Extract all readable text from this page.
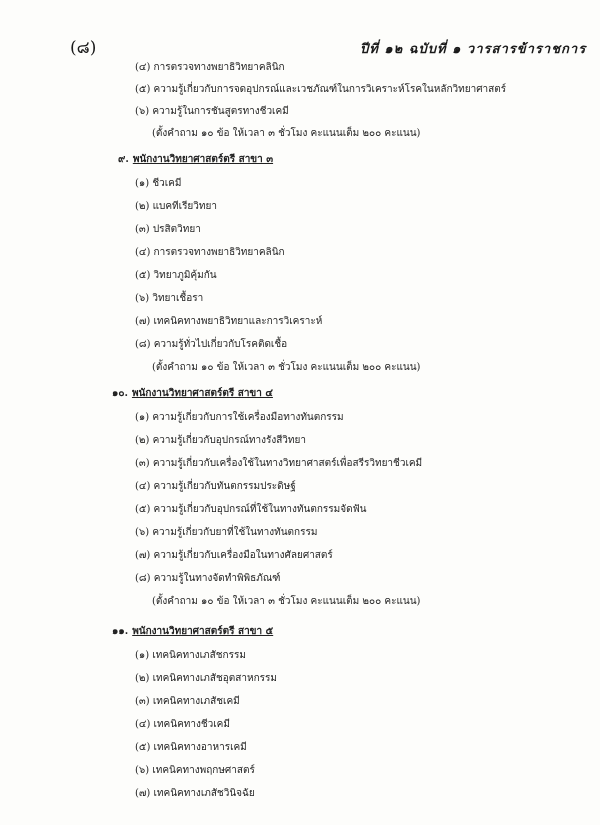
(๘)	ปีที่ ๑๒ ฉบับที่ ๑ วารสารข้าราชการ
(๔) การตรวจทางพยาธิวิทยาคลินิก
(๕) ความรู้เกี่ยวกับการจดอุปกรณ์และเวชภัณฑ์ในการวิเคราะห์โรคในหลักวิทยาศาสตร์
(๖) ความรู้ในการชันสูตรทางชีวเคมี
(ตั้งคำถาม ๑๐ ข้อ ให้เวลา ๓ ชั่วโมง คะแนนเต็ม ๒๐๐ คะแนน)
๙. พนักงานวิทยาศาสตร์ตรี สาขา ๓
(๑) ชีวเคมี
(๒) แบคทีเรียวิทยา
(๓) ปรสิตวิทยา
(๔) การตรวจทางพยาธิวิทยาคลินิก
(๕) วิทยาภูมิคุ้มกัน
(๖) วิทยาเชื้อรา
(๗) เทคนิคทางพยาธิวิทยาและการวิเคราะห์
(๘) ความรู้ทั่วไปเกี่ยวกับโรคติดเชื้อ
(ตั้งคำถาม ๑๐ ข้อ ให้เวลา ๓ ชั่วโมง คะแนนเต็ม ๒๐๐ คะแนน)
๑๐. พนักงานวิทยาศาสตร์ตรี สาขา ๔
(๑) ความรู้เกี่ยวกับการใช้เครื่องมือทางทันตกรรม
(๒) ความรู้เกี่ยวกับอุปกรณ์ทางรังสีวิทยา
(๓) ความรู้เกี่ยวกับเครื่องใช้ในทางวิทยาศาสตร์เพื่อสรีรวิทยาชีวเคมี
(๔) ความรู้เกี่ยวกับทันตกรรมประดิษฐ์
(๕) ความรู้เกี่ยวกับอุปกรณ์ที่ใช้ในทางทันตกรรมจัดฟัน
(๖) ความรู้เกี่ยวกับยาที่ใช้ในทางทันตกรรม
(๗) ความรู้เกี่ยวกับเครื่องมือในทางศัลยศาสตร์
(๘) ความรู้ในทางจัดทำพิพิธภัณฑ์
(ตั้งคำถาม ๑๐ ข้อ ให้เวลา ๓ ชั่วโมง คะแนนเต็ม ๒๐๐ คะแนน)
๑๑. พนักงานวิทยาศาสตร์ตรี สาขา ๕
(๑) เทคนิคทางเภสัชกรรม
(๒) เทคนิคทางเภสัชอุตสาหกรรม
(๓) เทคนิคทางเภสัชเคมี
(๔) เทคนิคทางชีวเคมี
(๕) เทคนิคทางอาหารเคมี
(๖) เทคนิคทางพฤกษศาสตร์
(๗) เทคนิคทางเภสัชวินิจฉัย
